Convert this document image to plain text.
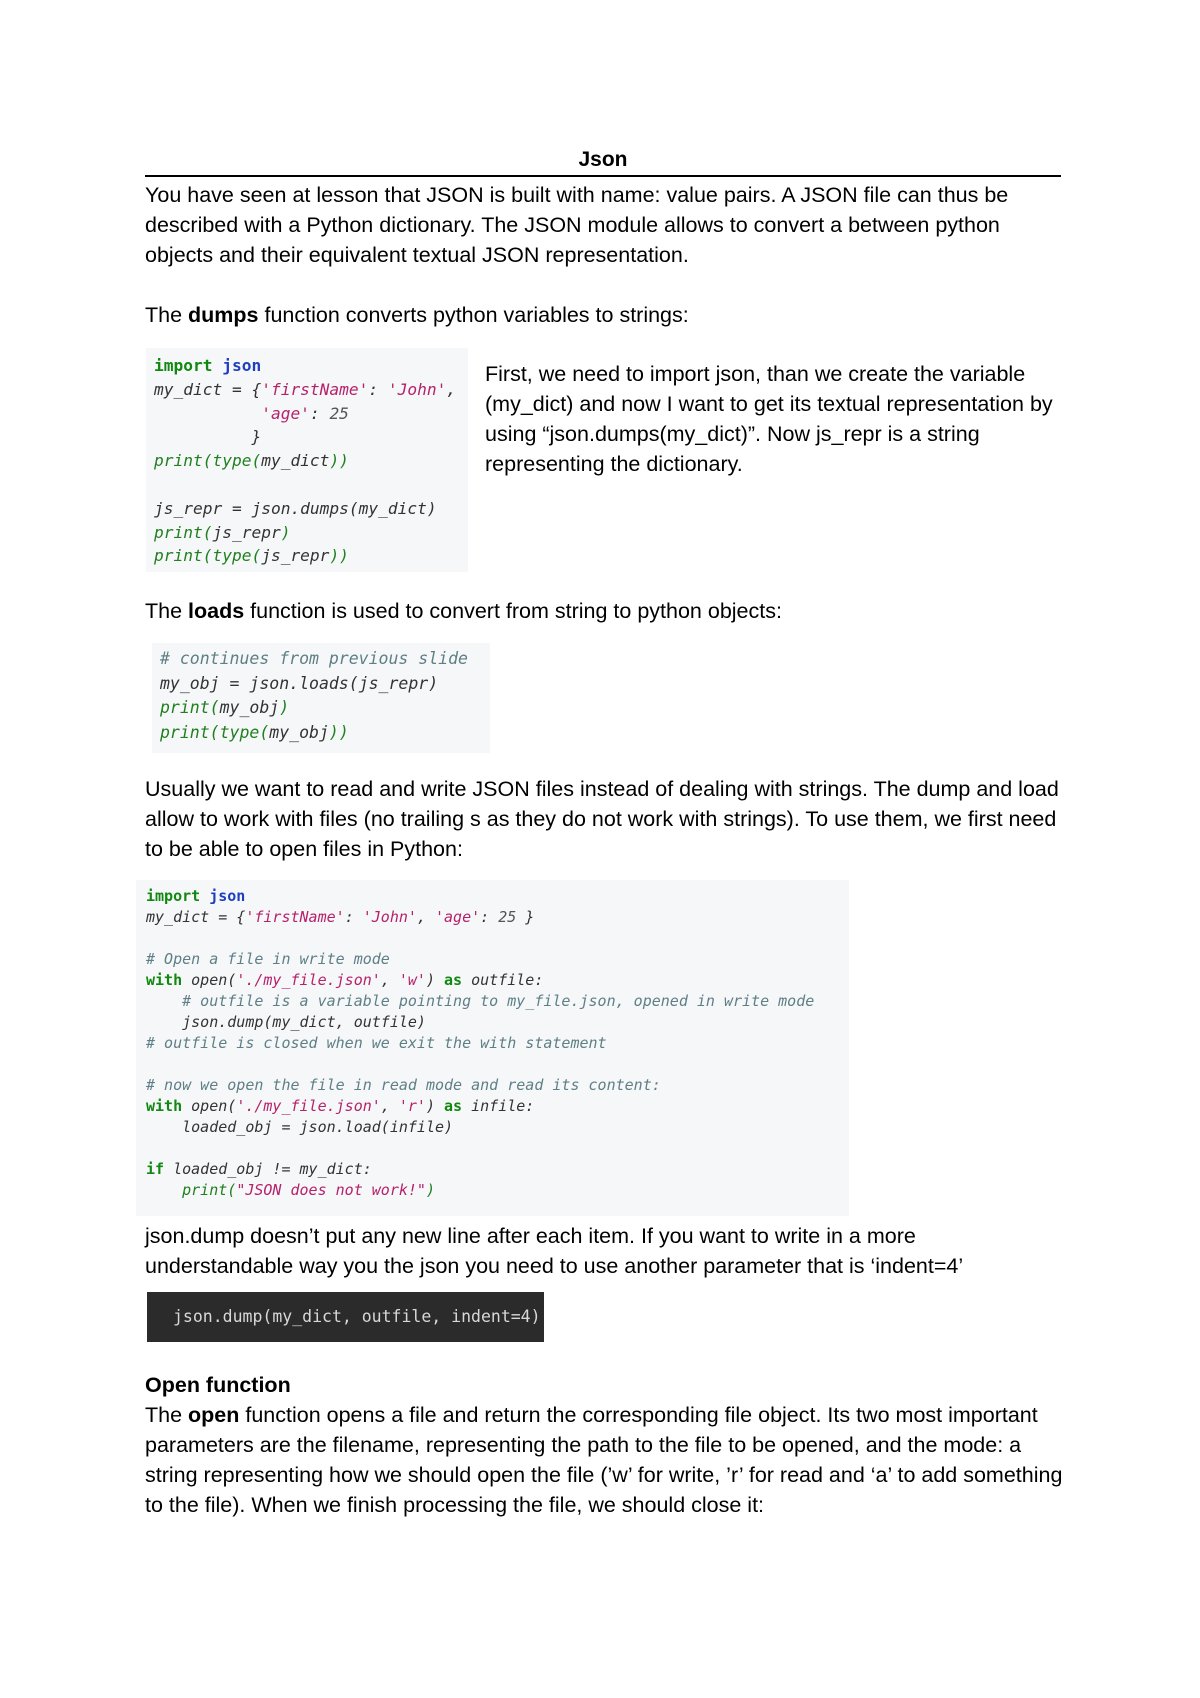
Json

You have seen at lesson that JSON is built with name: value pairs. A JSON file can thus be described with a Python dictionary. The JSON module allows to convert a between python objects and their equivalent textual JSON representation.

The dumps function converts python variables to strings:

import json
my_dict = {'firstName': 'John',
'age': 25
}
print(type(my_dict))

js_repr = json.dumps(my_dict)
print(js_repr)
print(type(js_repr))

First, we need to import json, than we create the variable (my_dict) and now I want to get its textual representation by using “json.dumps(my_dict)”. Now js_repr is a string representing the dictionary.

The loads function is used to convert from string to python objects:

# continues from previous slide
my_obj = json.loads(js_repr)
print(my_obj)
print(type(my_obj))

Usually we want to read and write JSON files instead of dealing with strings. The dump and load allow to work with files (no trailing s as they do not work with strings). To use them, we first need to be able to open files in Python:

import json
my_dict = {'firstName': 'John', 'age': 25 }

# Open a file in write mode
with open('./my_file.json', 'w') as outfile:
# outfile is a variable pointing to my_file.json, opened in write mode
json.dump(my_dict, outfile)
# outfile is closed when we exit the with statement

# now we open the file in read mode and read its content:
with open('./my_file.json', 'r') as infile:
loaded_obj = json.load(infile)

if loaded_obj != my_dict:
print("JSON does not work!")

json.dump doesn’t put any new line after each item. If you want to write in a more understandable way you the json you need to use another parameter that is ‘indent=4’

json.dump(my_dict, outfile, indent=4)
Open function

The open function opens a file and return the corresponding file object. Its two most important parameters are the filename, representing the path to the file to be opened, and the mode: a string representing how we should open the file (’w’ for write, ’r’ for read and ‘a’ to add something to the file). When we finish processing the file, we should close it:
